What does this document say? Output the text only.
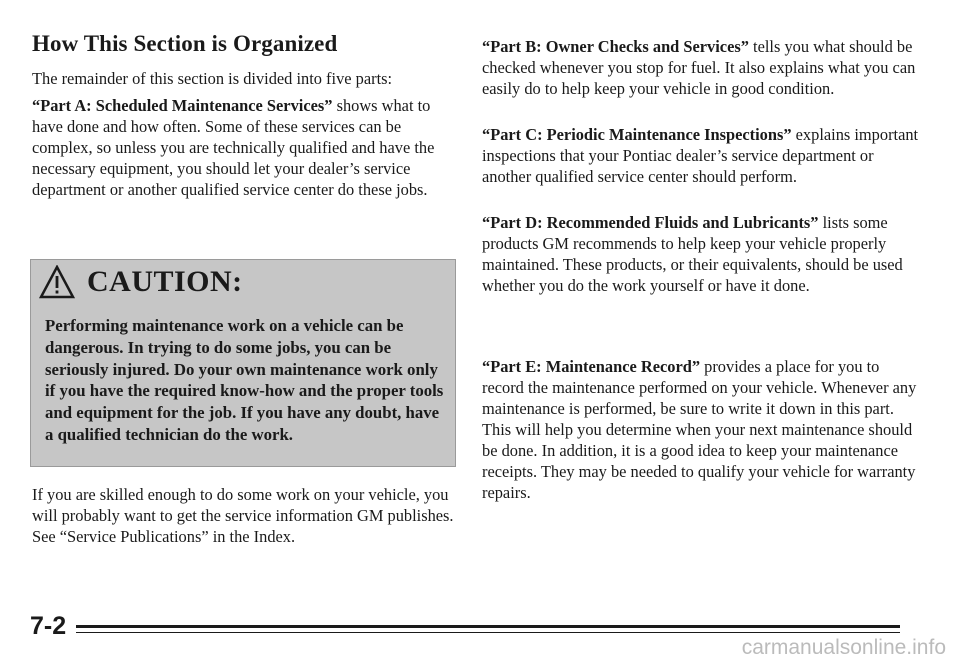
How This Section is Organized

The remainder of this section is divided into five parts:

“Part A: Scheduled Maintenance Services” shows what to have done and how often. Some of these services can be complex, so unless you are technically qualified and have the necessary equipment, you should let your dealer’s service department or another qualified service center do these jobs.

CAUTION:

Performing maintenance work on a vehicle can be dangerous. In trying to do some jobs, you can be seriously injured. Do your own maintenance work only if you have the required know-how and the proper tools and equipment for the job. If you have any doubt, have a qualified technician do the work.

If you are skilled enough to do some work on your vehicle, you will probably want to get the service information GM publishes. See “Service Publications” in the Index.

“Part B: Owner Checks and Services” tells you what should be checked whenever you stop for fuel. It also explains what you can easily do to help keep your vehicle in good condition.

“Part C: Periodic Maintenance Inspections” explains important inspections that your Pontiac dealer’s service department or another qualified service center should perform.

“Part D: Recommended Fluids and Lubricants” lists some products GM recommends to help keep your vehicle properly maintained. These products, or their equivalents, should be used whether you do the work yourself or have it done.

“Part E: Maintenance Record” provides a place for you to record the maintenance performed on your vehicle. Whenever any maintenance is performed, be sure to write it down in this part. This will help you determine when your next maintenance should be done. In addition, it is a good idea to keep your maintenance receipts. They may be needed to qualify your vehicle for warranty repairs.

7-2
carmanualsonline.info
